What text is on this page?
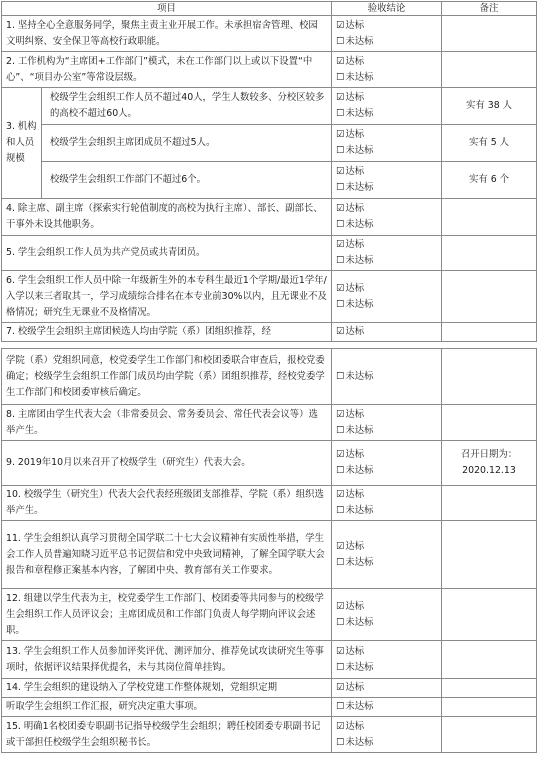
项目		验收结论	备注
1. 坚持全心全意服务同学，聚焦主责主业开展工作。未承担宿舍管理、校园文明纠察、安全保卫等高校行政职能。		☑达标
☐未达标	

2. 工作机构为“主席团+工作部门”模式，未在工作部门以上或以下设置“中心”、“项目办公室”等常设层级。		☑达标
☐未达标	

3. 机构和人员规模	校级学生会组织工作人员不超过40人，学生人数较多、分校区较多的高校不超过60人。	☑达标
☐未达标	实有 38 人
	校级学生会组织主席团成员不超过5人。	☑达标
☐未达标	实有 5 人
	校级学生会组织工作部门不超过6个。	☑达标
☐未达标	实有 6 个
4. 除主席、副主席（探索实行轮值制度的高校为执行主席）、部长、副部长、干事外未设其他职务。		☑达标
☐未达标	

5. 学生会组织工作人员为共产党员或共青团员。		☑达标
☐未达标	

6. 学生会组织工作人员中除一年级新生外的本专科生最近1个学期/最近1学年/入学以来三者取其一，学习成绩综合排名在本专业前30%以内，且无课业不及格情况；研究生无课业不及格情况。		☑达标
☐未达标	

7. 校级学生会组织主席团候选人均由学院（系）团组织推荐，经		☑达标	

学院（系）党组织同意，校党委学生工作部门和校团委联合审查后，报校党委确定；校级学生会组织工作部门成员均由学院（系）团组织推荐，经校党委学生工作部门和校团委审核后确定。	☐未达标	

8. 主席团由学生代表大会（非常委员会、常务委员会、常任代表会议等）选举产生。	☑达标
☐未达标	

9. 2019年10月以来召开了校级学生（研究生）代表大会。	☑达标
☐未达标	召开日期为：2020.12.13
10. 校级学生（研究生）代表大会代表经班级团支部推荐、学院（系）组织选举产生。	☑达标
☐未达标	

11. 学生会组织认真学习贯彻全国学联二十七大会议精神有实质性举措，学生会工作人员普遍知晓习近平总书记贺信和党中央致词精神，了解全国学联大会报告和章程修正案基本内容，了解团中央、教育部有关工作要求。	☑达标
☐未达标	

12. 组建以学生代表为主，校党委学生工作部门、校团委等共同参与的校级学生会组织工作人员评议会；主席团成员和工作部门负责人每学期向评议会述职。	☑达标
☐未达标	

13. 学生会组织工作人员参加评奖评优、测评加分、推荐免试攻读研究生等事项时，依据评议结果择优提名，未与其岗位简单挂钩。	☑达标
☐未达标	

14. 学生会组织的建设纳入了学校党建工作整体规划，党组织定期	☑达标	

听取学生会组织工作汇报，研究决定重大事项。	☐未达标	

15. 明确1名校团委专职副书记指导校级学生会组织；聘任校团委专职副书记或干部担任校级学生会组织秘书长。	☑达标
☐未达标	
